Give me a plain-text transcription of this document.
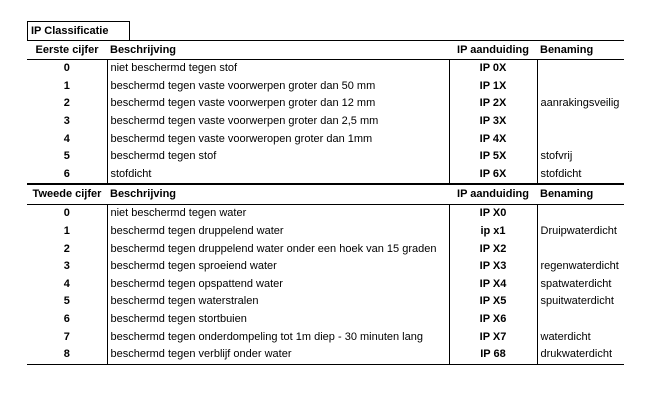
IP Classificatie
Eerste cijfer	Beschrijving	IP aanduiding	Benaming
0	niet beschermd tegen stof	IP 0X	
1	beschermd tegen vaste voorwerpen groter dan 50 mm	IP 1X	
2	beschermd tegen vaste voorwerpen groter dan 12 mm	IP 2X	aanrakingsveilig
3	beschermd tegen vaste voorwerpen groter dan 2,5 mm	IP 3X	
4	beschermd tegen vaste voorweropen groter dan 1mm	IP 4X	
5	beschermd tegen stof	IP 5X	stofvrij
6	stofdicht	IP 6X	stofdicht
Tweede cijfer	Beschrijving	IP aanduiding	Benaming
0	niet beschermd tegen water	IP X0	
1	beschermd tegen druppelend water	ip x1	Druipwaterdicht
2	beschermd tegen druppelend water onder een hoek van 15 graden	IP X2	
3	beschermd tegen sproeiend water	IP X3	regenwaterdicht
4	beschermd tegen opspattend water	IP X4	spatwaterdicht
5	beschermd tegen waterstralen	IP X5	spuitwaterdicht
6	beschermd tegen stortbuien	IP X6	
7	beschermd tegen onderdompeling tot 1m diep - 30 minuten lang	IP X7	waterdicht
8	beschermd tegen verblijf onder water	IP 68	drukwaterdicht
